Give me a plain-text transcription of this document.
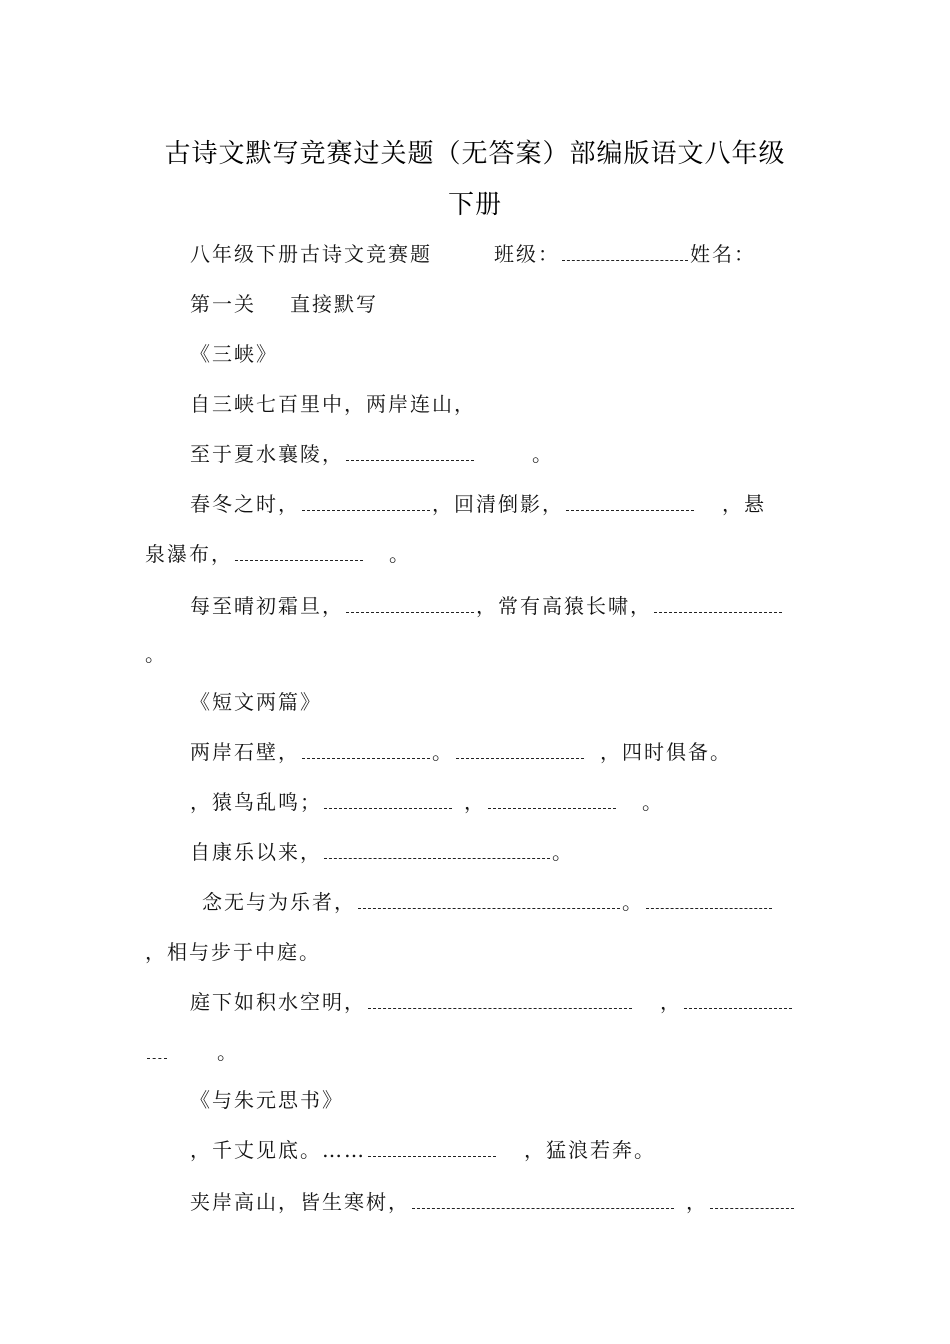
古诗文默写竞赛过关题（无答案）部编版语文八年级
下册
八年级下册古诗文竞赛题	班级：	姓名：
第一关 直接默写
《三峡》
自三峡七百里中，两岸连山，
至于夏水襄陵，	。
春冬之时，	，回清倒影，	，悬
泉瀑布，	。
每至晴初霜旦，	，常有高猿长啸，
。
《短文两篇》
两岸石壁，	。	，四时俱备。
，猿鸟乱鸣；	，	。
自康乐以来，	。
念无与为乐者，	。
，相与步于中庭。
庭下如积水空明，	，
。
《与朱元思书》
，千丈见底。……	，猛浪若奔。
夹岸高山，皆生寒树，	，
